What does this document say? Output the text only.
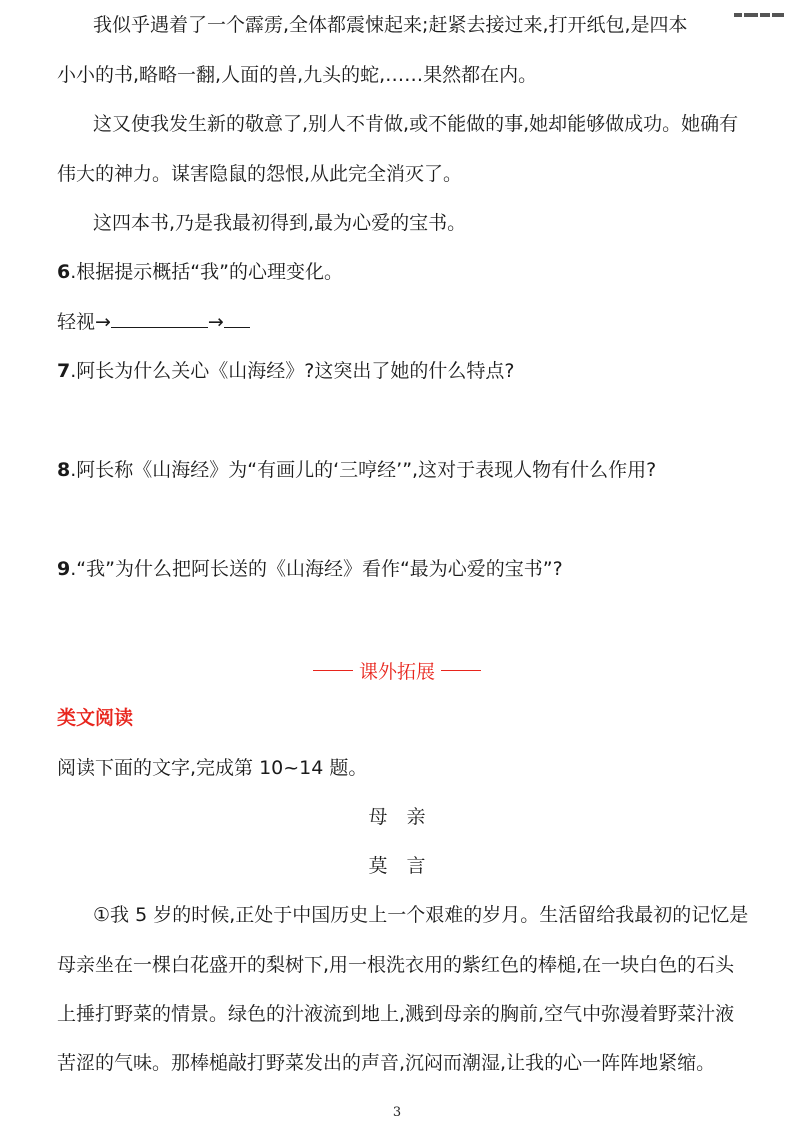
我似乎遇着了一个霹雳,全体都震悚起来;赶紧去接过来,打开纸包,是四本
小小的书,略略一翻,人面的兽,九头的蛇,……果然都在内。
这又使我发生新的敬意了,别人不肯做,或不能做的事,她却能够做成功。她确有
伟大的神力。谋害隐鼠的怨恨,从此完全消灭了。
这四本书,乃是我最初得到,最为心爱的宝书。
6.根据提示概括“我”的心理变化。
轻视→	→
7.阿长为什么关心《山海经》?这突出了她的什么特点?
8.阿长称《山海经》为“有画儿的‘三哼经’”,这对于表现人物有什么作用?
9.“我”为什么把阿长送的《山海经》看作“最为心爱的宝书”?
课外拓展
类文阅读
阅读下面的文字,完成第 10~14 题。
母　亲
莫　言
①我 5 岁的时候,正处于中国历史上一个艰难的岁月。生活留给我最初的记忆是
母亲坐在一棵白花盛开的梨树下,用一根洗衣用的紫红色的棒槌,在一块白色的石头
上捶打野菜的情景。绿色的汁液流到地上,溅到母亲的胸前,空气中弥漫着野菜汁液
苦涩的气味。那棒槌敲打野菜发出的声音,沉闷而潮湿,让我的心一阵阵地紧缩。
3
